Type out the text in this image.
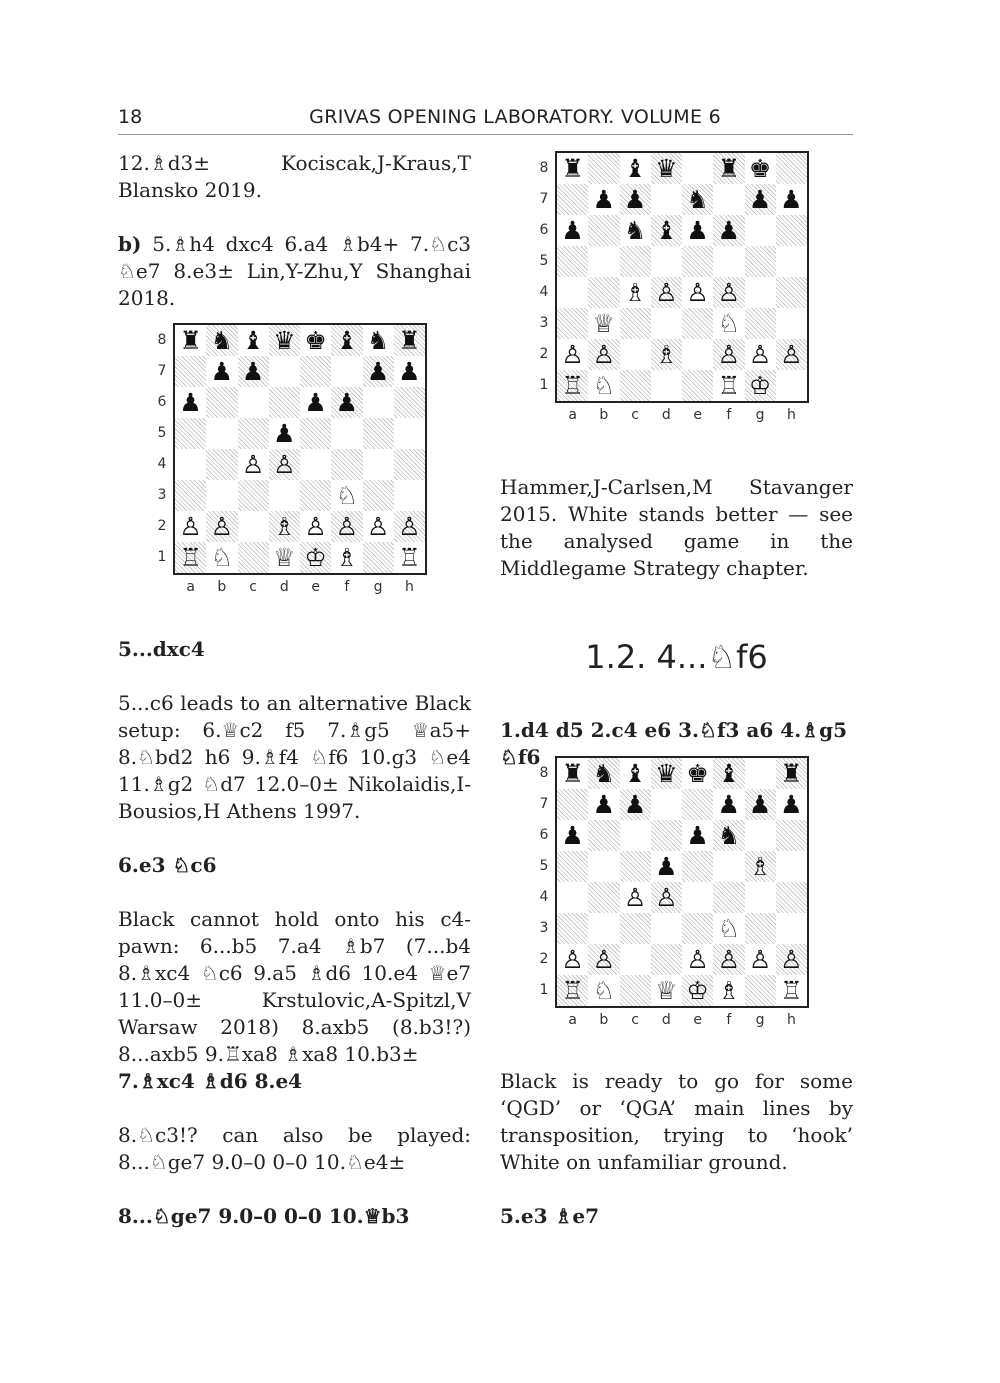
18	GRIVAS OPENING LABORATORY. VOLUME 6

12.♗d3± Kociscak,J-Kraus,T Blansko 2019.

b) 5.♗h4 dxc4 6.a4 ♗b4+ 7.♘c3 ♘e7 8.e3± Lin,Y-Zhu,Y Shanghai 2018.

♜ ♞ ♝ ♛ ♚ ♝ ♞ ♜
♟ ♟	♟ ♟
♟	♟ ♟
♟
♙ ♙
♘
♙ ♙ ♗ ♙ ♙ ♙ ♙
♖ ♘ ♕ ♔ ♗ ♖
8
7
6
5
4
3
2
1
a	b	c	d	e	f	g	h

5...dxc4

5...c6 leads to an alternative Black setup: 6.♕c2 f5 7.♗g5 ♕a5+ 8.♘bd2 h6 9.♗f4 ♘f6 10.g3 ♘e4 11.♗g2 ♘d7 12.0–0± Nikolaidis,I-Bousios,H Athens 1997.

6.e3 ♘c6

Black cannot hold onto his c4-pawn: 6...b5 7.a4 ♗b7 (7...b4 8.♗xc4 ♘c6 9.a5 ♗d6 10.e4 ♕e7 11.0–0± Krstulovic,A-Spitzl,V Warsaw 2018) 8.axb5 (8.b3!?) 8...axb5 9.♖xa8 ♗xa8 10.b3±

7.♗xc4 ♗d6 8.e4

8.♘c3!? can also be played: 8...♘ge7 9.0–0 0–0 10.♘e4±

8...♘ge7 9.0–0 0–0 10.♕b3

♜ ♝ ♛ ♜ ♚
♟ ♟ ♞ ♟ ♟
♟ ♞ ♝ ♟ ♟
♗ ♙ ♙ ♙
♕	♘
♙ ♙ ♗ ♙ ♙ ♙
♖ ♘	♖ ♔
8
7
6
5
4
3
2
1
a	b	c	d	e	f	g	h

Hammer,J-Carlsen,M Stavanger 2015. White stands better — see the analysed game in the Middlegame Strategy chapter.

1.2. 4...♘f6

1.d4 d5 2.c4 e6 3.♘f3 a6 4.♗g5 ♘f6

♜ ♞ ♝ ♛ ♚ ♝ ♜
♟ ♟	♟ ♟ ♟
♟	♟ ♞
♟	♗
♙ ♙
♘
♙ ♙	♙ ♙ ♙ ♙
♖ ♘ ♕ ♔ ♗ ♖
8
7
6
5
4
3
2
1
a	b	c	d	e	f	g	h

Black is ready to go for some ‘QGD’ or ‘QGA’ main lines by transposition, trying to ‘hook’ White on unfamiliar ground.

5.e3 ♗e7
